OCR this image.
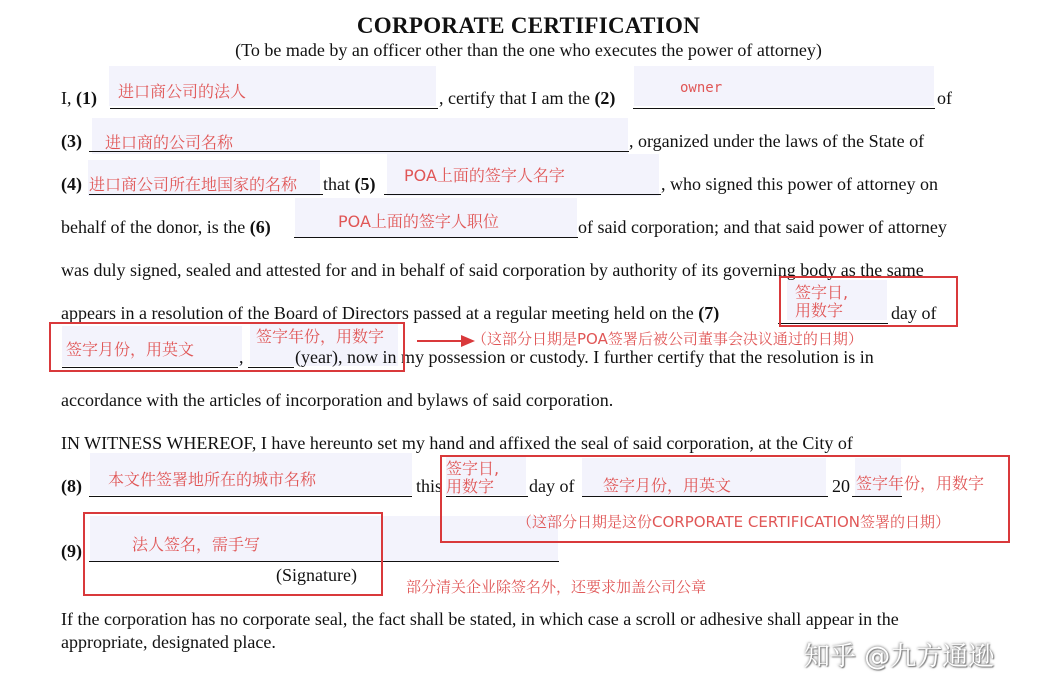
CORPORATE CERTIFICATION
(To be made by an officer other than the one who executes the power of attorney)
I, (1)	, certify that I am the (2)	of
(3)	, organized under the laws of the State of
(4)	that (5)	, who signed this power of attorney on
behalf of the donor, is the (6)	of said corporation; and that said power of attorney
was duly signed, sealed and attested for and in behalf of said corporation by authority of its governing body as the same
appears in a resolution of the Board of Directors passed at a regular meeting held on the (7)	day of
,	(year), now in my possession or custody. I further certify that the resolution is in
accordance with the articles of incorporation and bylaws of said corporation.
IN WITNESS WHEREOF, I have hereunto set my hand and affixed the seal of said corporation, at the City of
(8)	this	day of	20
(9)
(Signature)
If the corporation has no corporate seal, the fact shall be stated, in which case a scroll or adhesive shall appear in the
appropriate, designated place.
进口商公司的法人	owner
进口商的公司名称
进口商公司所在地国家的名称	POA上面的签字人名字
POA上面的签字人职位
签字日,
用数字
签字月份，用英文
签字年份，用数字
本文件签署地所在的城市名称
签字日,
用数字	签字月份，用英文	签字年份，用数字
法人签名，需手写
（这部分日期是POA签署后被公司董事会决议通过的日期）
（这部分日期是这份CORPORATE CERTIFICATION签署的日期）
部分清关企业除签名外，还要求加盖公司公章
知乎 @九方通逊
